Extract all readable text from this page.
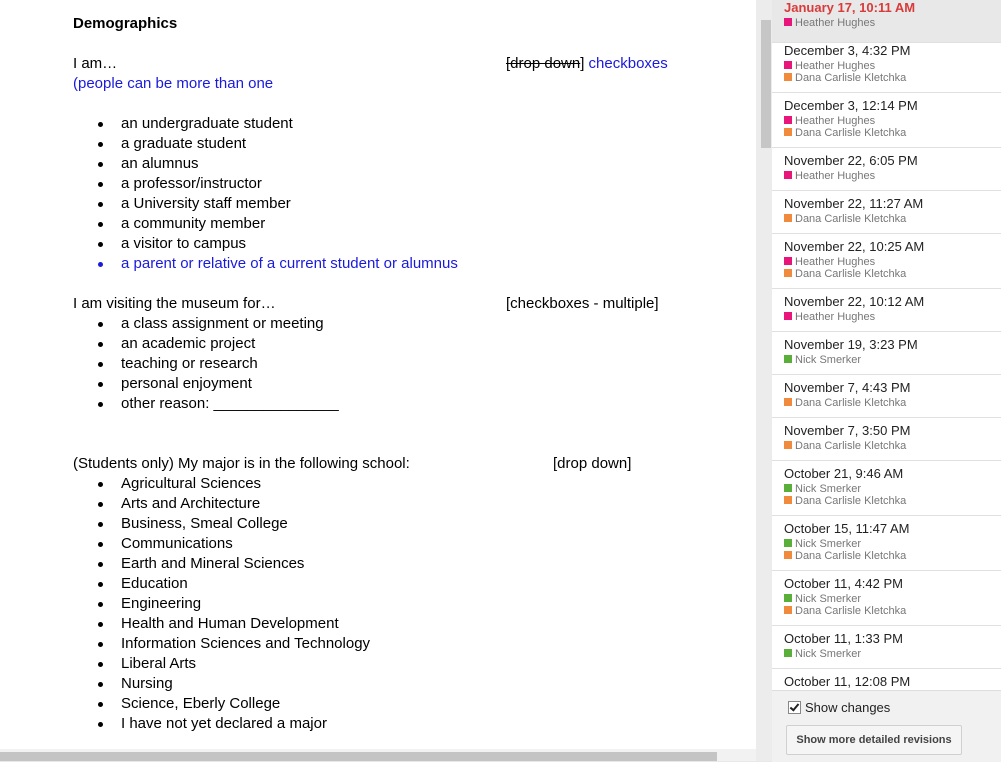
Demographics
I am…	[drop down] checkboxes
(people can be more than one
an undergraduate student
a graduate student
an alumnus
a professor/instructor
a University staff member
a community member
a visitor to campus
a parent or relative of a current student or alumnus
I am visiting the museum for…	[checkboxes - multiple]
a class assignment or meeting
an academic project
teaching or research
personal enjoyment
other reason: _______________
(Students only) My major is in the following school:	[drop down]
Agricultural Sciences
Arts and Architecture
Business, Smeal College
Communications
Earth and Mineral Sciences
Education
Engineering
Health and Human Development
Information Sciences and Technology
Liberal Arts
Nursing
Science, Eberly College
I have not yet declared a major
January 17, 10:11 AM
Heather Hughes
December 3, 4:32 PM
Heather Hughes
Dana Carlisle Kletchka
December 3, 12:14 PM
Heather Hughes
Dana Carlisle Kletchka
November 22, 6:05 PM
Heather Hughes
November 22, 11:27 AM
Dana Carlisle Kletchka
November 22, 10:25 AM
Heather Hughes
Dana Carlisle Kletchka
November 22, 10:12 AM
Heather Hughes
November 19, 3:23 PM
Nick Smerker
November 7, 4:43 PM
Dana Carlisle Kletchka
November 7, 3:50 PM
Dana Carlisle Kletchka
October 21, 9:46 AM
Nick Smerker
Dana Carlisle Kletchka
October 15, 11:47 AM
Nick Smerker
Dana Carlisle Kletchka
October 11, 4:42 PM
Nick Smerker
Dana Carlisle Kletchka
October 11, 1:33 PM
Nick Smerker
October 11, 12:08 PM
Show changes
Show more detailed revisions
